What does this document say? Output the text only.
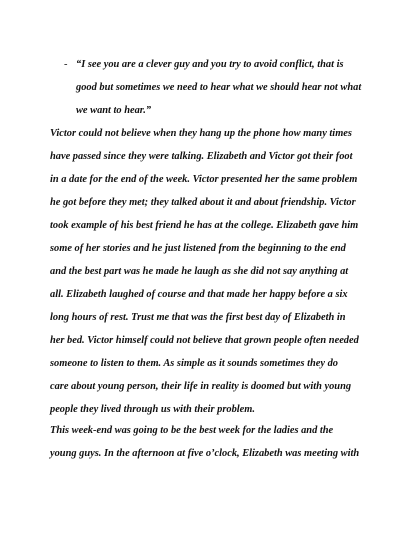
- “I see you are a clever guy and you try to avoid conflict, that is
good but sometimes we need to hear what we should hear not what
we want to hear.”
Victor could not believe when they hang up the phone how many times
have passed since they were talking. Elizabeth and Victor got their foot
in a date for the end of the week. Victor presented her the same problem
he got before they met; they talked about it and about friendship. Victor
took example of his best friend he has at the college. Elizabeth gave him
some of her stories and he just listened from the beginning to the end
and the best part was he made he laugh as she did not say anything at
all. Elizabeth laughed of course and that made her happy before a six
long hours of rest. Trust me that was the first best day of Elizabeth in
her bed. Victor himself could not believe that grown people often needed
someone to listen to them. As simple as it sounds sometimes they do
care about young person, their life in reality is doomed but with young
people they lived through us with their problem.
This week-end was going to be the best week for the ladies and the
young guys. In the afternoon at five o’clock, Elizabeth was meeting with
